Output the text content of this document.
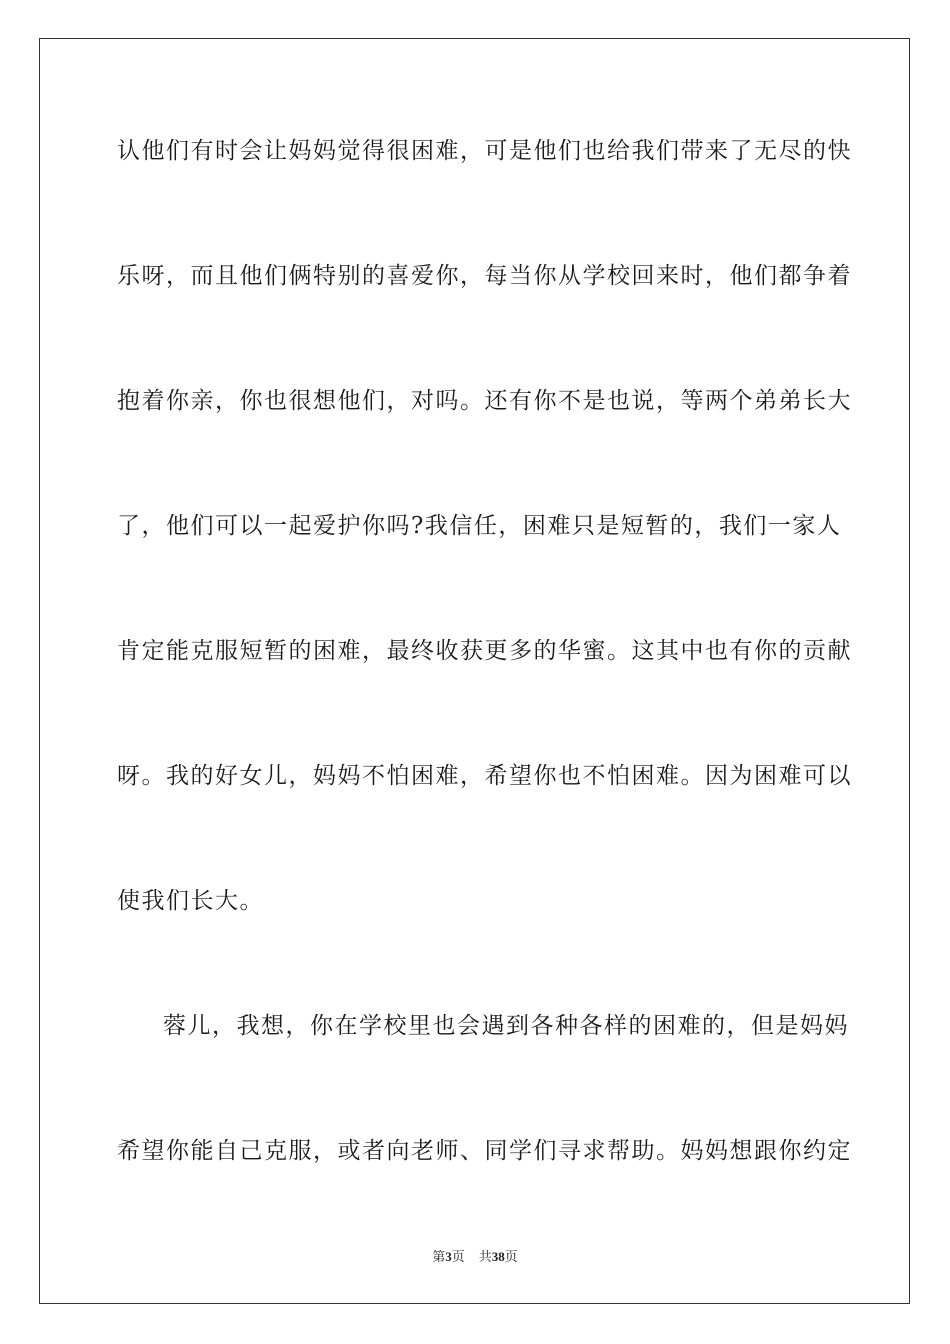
认他们有时会让妈妈觉得很困难，可是他们也给我们带来了无尽的快
乐呀，而且他们俩特别的喜爱你，每当你从学校回来时，他们都争着
抱着你亲，你也很想他们，对吗。还有你不是也说，等两个弟弟长大
了，他们可以一起爱护你吗?我信任，困难只是短暂的，我们一家人
肯定能克服短暂的困难，最终收获更多的华蜜。这其中也有你的贡献
呀。我的好女儿，妈妈不怕困难，希望你也不怕困难。因为困难可以
使我们长大。
蓉儿，我想，你在学校里也会遇到各种各样的困难的，但是妈妈
希望你能自己克服，或者向老师、同学们寻求帮助。妈妈想跟你约定
第3页 共38页
